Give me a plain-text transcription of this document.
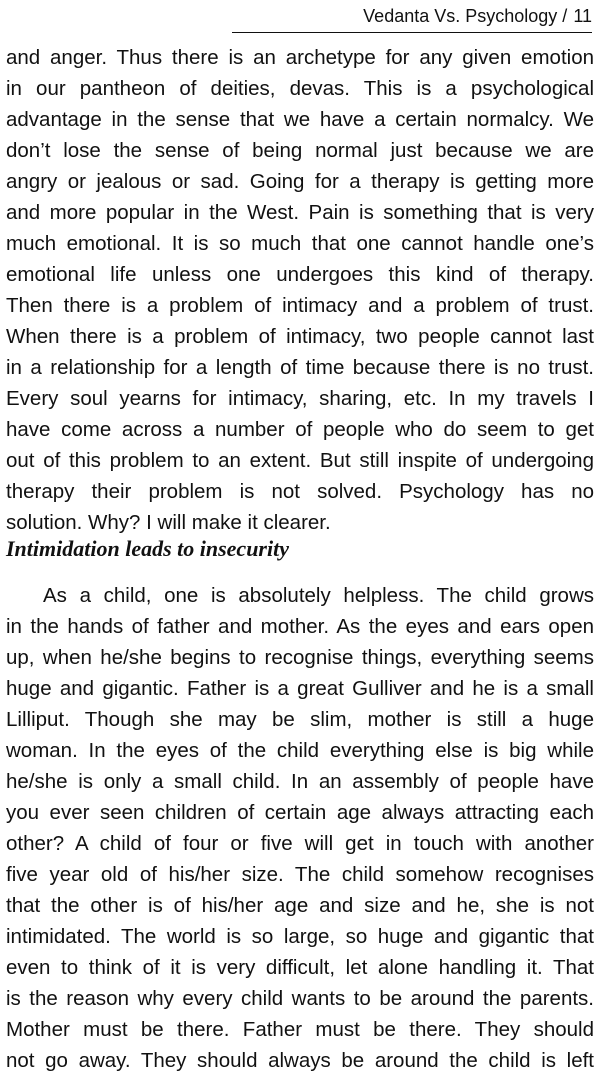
Vedanta Vs. Psychology / 11
and anger. Thus there is an archetype for any given emotion
in our pantheon of deities, devas. This is a psychological
advantage in the sense that we have a certain normalcy. We
don’t lose the sense of being normal just because we are
angry or jealous or sad. Going for a therapy is getting more
and more popular in the West. Pain is something that is very
much emotional. It is so much that one cannot handle one’s
emotional life unless one undergoes this kind of therapy.
Then there is a problem of intimacy and a problem of trust.
When there is a problem of intimacy, two people cannot last
in a relationship for a length of time because there is no trust.
Every soul yearns for intimacy, sharing, etc. In my travels I
have come across a number of people who do seem to get
out of this problem to an extent. But still inspite of undergoing
therapy their problem is not solved. Psychology has no
solution. Why? I will make it clearer.
Intimidation leads to insecurity
As a child, one is absolutely helpless. The child grows
in the hands of father and mother. As the eyes and ears open
up, when he/she begins to recognise things, everything seems
huge and gigantic. Father is a great Gulliver and he is a small
Lilliput. Though she may be slim, mother is still a huge
woman. In the eyes of the child everything else is big while
he/she is only a small child. In an assembly of people have
you ever seen children of certain age always attracting each
other? A child of four or five will get in touch with another
five year old of his/her size. The child somehow recognises
that the other is of his/her age and size and he, she is not
intimidated. The world is so large, so huge and gigantic that
even to think of it is very difficult, let alone handling it. That
is the reason why every child wants to be around the parents.
Mother must be there. Father must be there. They should
not go away. They should always be around the child is left
